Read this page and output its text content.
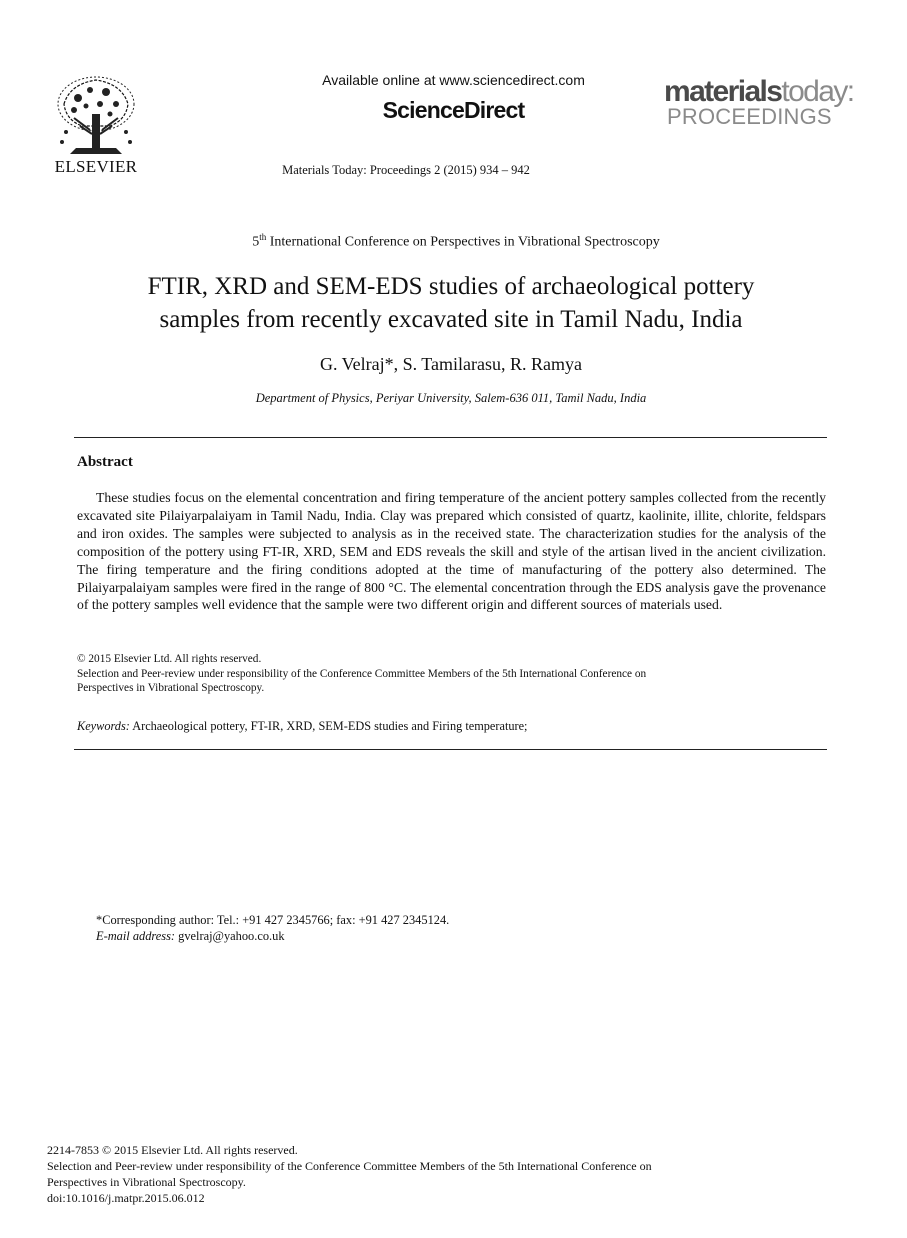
ELSEVIER
Available online at www.sciencedirect.com
ScienceDirect
Materials Today: Proceedings 2 (2015) 934 – 942
materialstoday:
PROCEEDINGS
5th International Conference on Perspectives in Vibrational Spectroscopy
FTIR, XRD and SEM-EDS studies of archaeological pottery
samples from recently excavated site in Tamil Nadu, India
G. Velraj*, S. Tamilarasu, R. Ramya
Department of Physics, Periyar University, Salem-636 011, Tamil Nadu, India
Abstract
These studies focus on the elemental concentration and firing temperature of the ancient pottery samples collected from the recently excavated site Pilaiyarpalaiyam in Tamil Nadu, India. Clay was prepared which consisted of quartz, kaolinite, illite, chlorite, feldspars and iron oxides. The samples were subjected to analysis as in the received state. The characterization studies for the analysis of the composition of the pottery using FT-IR, XRD, SEM and EDS reveals the skill and style of the artisan lived in the ancient civilization. The firing temperature and the firing conditions adopted at the time of manufacturing of the pottery also determined. The Pilaiyarpalaiyam samples were fired in the range of 800 °C. The elemental concentration through the EDS analysis gave the provenance of the pottery samples well evidence that the sample were two different origin and different sources of materials used.
© 2015 Elsevier Ltd. All rights reserved.
Selection and Peer-review under responsibility of the Conference Committee Members of the 5th International Conference on Perspectives in Vibrational Spectroscopy.
Keywords: Archaeological pottery, FT-IR, XRD, SEM-EDS studies and Firing temperature;
*Corresponding author: Tel.: +91 427 2345766; fax: +91 427 2345124.
E-mail address: gvelraj@yahoo.co.uk
2214-7853 © 2015 Elsevier Ltd. All rights reserved.
Selection and Peer-review under responsibility of the Conference Committee Members of the 5th International Conference on Perspectives in Vibrational Spectroscopy.
doi:10.1016/j.matpr.2015.06.012
